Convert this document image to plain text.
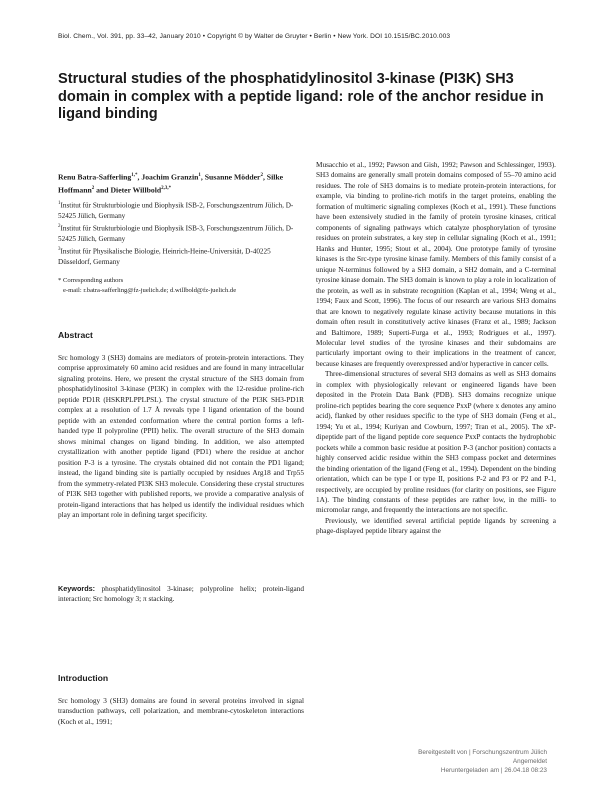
Biol. Chem., Vol. 391, pp. 33–42, January 2010 • Copyright © by Walter de Gruyter • Berlin • New York. DOI 10.1515/BC.2010.003
Structural studies of the phosphatidylinositol 3-kinase (PI3K) SH3 domain in complex with a peptide ligand: role of the anchor residue in ligand binding
Renu Batra-Safferling$^{1,*}$, Joachim Granzin$^1$, Susanne Mödder$^2$, Silke Hoffmann$^2$ and Dieter Willbold$^{2,3,*}$
$^1$Institut für Strukturbiologie und Biophysik ISB-2, Forschungszentrum Jülich, D-52425 Jülich, Germany
$^2$Institut für Strukturbiologie und Biophysik ISB-3, Forschungszentrum Jülich, D-52425 Jülich, Germany
$^3$Institut für Physikalische Biologie, Heinrich-Heine-Universität, D-40225 Düsseldorf, Germany
* Corresponding authors
e-mail: r.batra-safferling@fz-juelich.de; d.willbold@fz-juelich.de
Abstract
Src homology 3 (SH3) domains are mediators of protein-protein interactions. They comprise approximately 60 amino acid residues and are found in many intracellular signaling proteins. Here, we present the crystal structure of the SH3 domain from phosphatidylinositol 3-kinase (PI3K) in complex with the 12-residue proline-rich peptide PD1R (HSKRPLPPLPSL). The crystal structure of the PI3K SH3-PD1R complex at a resolution of 1.7 Å reveals type I ligand orientation of the bound peptide with an extended conformation where the central portion forms a left-handed type II polyproline (PPII) helix. The overall structure of the SH3 domain shows minimal changes on ligand binding. In addition, we also attempted crystallization with another peptide ligand (PD1) where the residue at anchor position P-3 is a tyrosine. The crystals obtained did not contain the PD1 ligand; instead, the ligand binding site is partially occupied by residues Arg18 and Trp55 from the symmetry-related PI3K SH3 molecule. Considering these crystal structures of PI3K SH3 together with published reports, we provide a comparative analysis of protein-ligand interactions that has helped us identify the individual residues which play an important role in defining target specificity.
Keywords: phosphatidylinositol 3-kinase; polyproline helix; protein-ligand interaction; Src homology 3; π stacking.
Introduction
Src homology 3 (SH3) domains are found in several proteins involved in signal transduction pathways, cell polarization, and membrane-cytoskeleton interactions (Koch et al., 1991;

Musacchio et al., 1992; Pawson and Gish, 1992; Pawson and Schlessinger, 1993). SH3 domains are generally small protein domains composed of 55–70 amino acid residues. The role of SH3 domains is to mediate protein-protein interactions, for example, via binding to proline-rich motifs in the target proteins, enabling the formation of multimeric signaling complexes (Koch et al., 1991). These functions have been extensively studied in the family of protein tyrosine kinases, critical components of signaling pathways which catalyze phosphorylation of tyrosine residues on protein substrates, a key step in cellular signaling (Koch et al., 1991; Hanks and Hunter, 1995; Stout et al., 2004). One prototype family of tyrosine kinases is the Src-type tyrosine kinase family. Members of this family consist of a unique N-terminus followed by a SH3 domain, a SH2 domain, and a C-terminal tyrosine kinase domain. The SH3 domain is known to play a role in localization of the protein, as well as in substrate recognition (Kaplan et al., 1994; Weng et al., 1994; Faux and Scott, 1996). The focus of our research are various SH3 domains that are known to negatively regulate kinase activity because mutations in this domain often result in constitutively active kinases (Franz et al., 1989; Jackson and Baltimore, 1989; Superti-Furga et al., 1993; Rodrigues et al., 1997). Molecular level studies of the tyrosine kinases and their subdomains are particularly important owing to their implications in the treatment of cancer, because kinases are frequently overexpressed and/or hyperactive in cancer cells.

Three-dimensional structures of several SH3 domains as well as SH3 domains in complex with physiologically relevant or engineered ligands have been deposited in the Protein Data Bank (PDB). SH3 domains recognize unique proline-rich peptides bearing the core sequence PxxP (where x denotes any amino acid), flanked by other residues specific to the type of SH3 domain (Feng et al., 1994; Yu et al., 1994; Kuriyan and Cowburn, 1997; Tran et al., 2005). The xP-dipeptide part of the ligand peptide core sequence PxxP contacts the hydrophobic pockets while a common basic residue at position P-3 (anchor position) contacts a highly conserved acidic residue within the SH3 compass pocket and determines the binding orientation of the ligand (Feng et al., 1994). Dependent on the binding orientation, which can be type I or type II, positions P-2 and P3 or P2 and P-1, respectively, are occupied by proline residues (for clarity on positions, see Figure 1A). The binding constants of these peptides are rather low, in the milli- to micromolar range, and frequently the interactions are not specific.

Previously, we identified several artificial peptide ligands by screening a phage-displayed peptide library against the

Bereitgestellt von | Forschungszentrum Jülich
Angemeldet
Heruntergeladen am | 26.04.18 08:23
